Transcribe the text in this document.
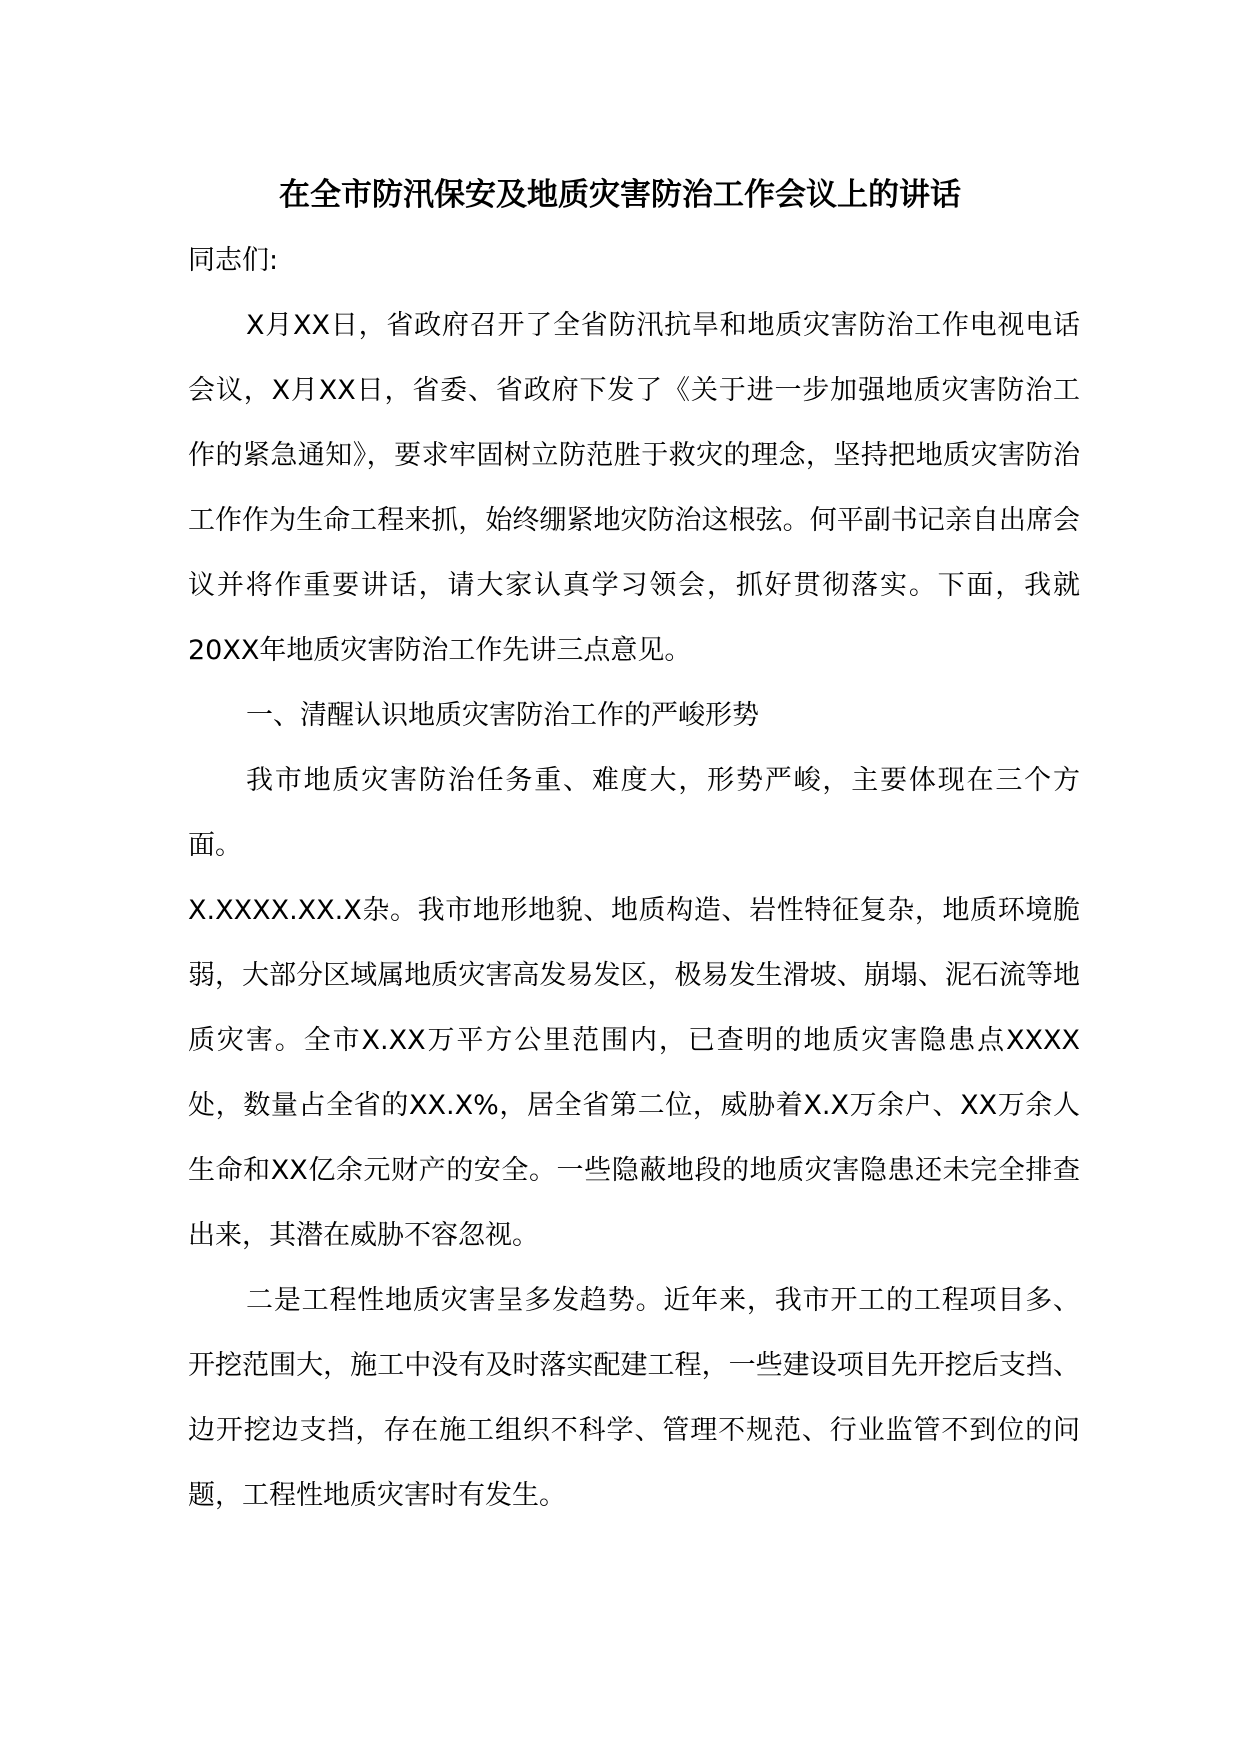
在全市防汛保安及地质灾害防治工作会议上的讲话

同志们:

X月XX日，省政府召开了全省防汛抗旱和地质灾害防治工作电视电话会议，X月XX日，省委、省政府下发了《关于进一步加强地质灾害防治工作的紧急通知》，要求牢固树立防范胜于救灾的理念，坚持把地质灾害防治工作作为生命工程来抓，始终绷紧地灾防治这根弦。何平副书记亲自出席会议并将作重要讲话，请大家认真学习领会，抓好贯彻落实。下面，我就20XX年地质灾害防治工作先讲三点意见。

一、清醒认识地质灾害防治工作的严峻形势

我市地质灾害防治任务重、难度大，形势严峻，主要体现在三个方面。

X.XXXX.XX.X杂。我市地形地貌、地质构造、岩性特征复杂，地质环境脆弱，大部分区域属地质灾害高发易发区，极易发生滑坡、崩塌、泥石流等地质灾害。全市X.XX万平方公里范围内，已查明的地质灾害隐患点XXXX处，数量占全省的XX.X%，居全省第二位，威胁着X.X万余户、XX万余人生命和XX亿余元财产的安全。一些隐蔽地段的地质灾害隐患还未完全排查出来，其潜在威胁不容忽视。

二是工程性地质灾害呈多发趋势。近年来，我市开工的工程项目多、开挖范围大，施工中没有及时落实配建工程，一些建设项目先开挖后支挡、边开挖边支挡，存在施工组织不科学、管理不规范、行业监管不到位的问题，工程性地质灾害时有发生。
